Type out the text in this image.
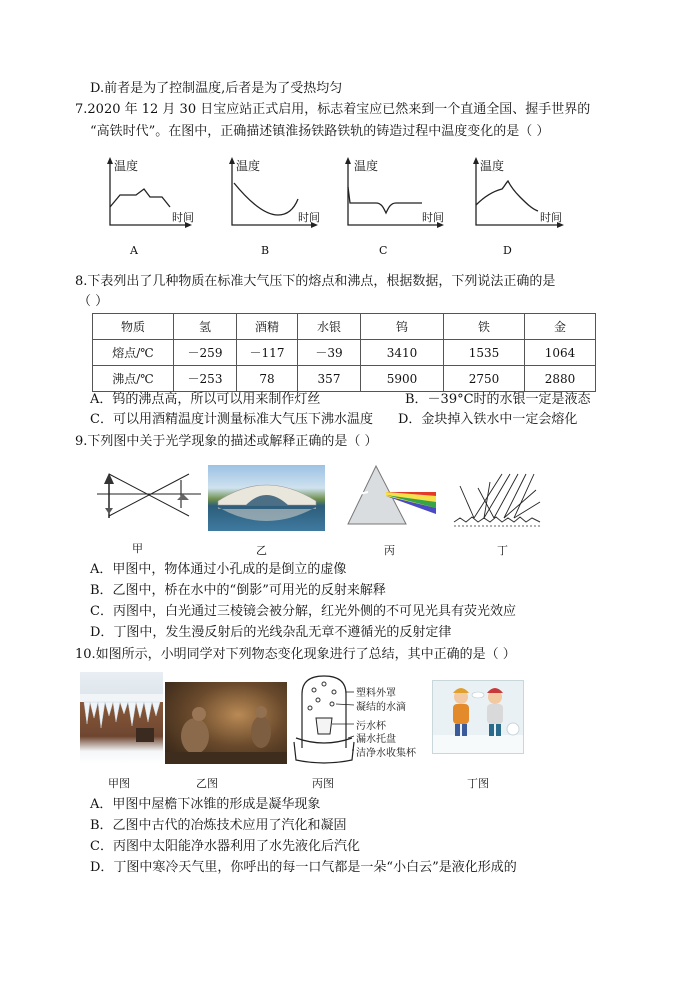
D.前者是为了控制温度,后者是为了受热均匀
7.2020 年 12 月 30 日宝应站正式启用，标志着宝应已然来到一个直通全国、握手世界的
“高铁时代”。在图中，正确描述镇淮扬铁路铁轨的铸造过程中温度变化的是（ ）
温度
时间
A
温度
时间
B
温度
时间
C
温度
时间
D
8.下表列出了几种物质在标准大气压下的熔点和沸点，根据数据，下列说法正确的是
（ ）
物质	氢	酒精	水银	钨	铁	金
熔点/℃	－259	－117	－39	3410	1535	1064
沸点/℃	－253	78	357	5900	2750	2880
A．钨的沸点高，所以可以用来制作灯丝	B．－39°C时的水银一定是液态
C．可以用酒精温度计测量标准大气压下沸水温度 D．金块掉入铁水中一定会熔化
9.下列图中关于光学现象的描述或解释正确的是（ ）
甲	乙	丙	丁
A．甲图中，物体通过小孔成的是倒立的虚像
B．乙图中，桥在水中的“倒影”可用光的反射来解释
C．丙图中，白光通过三棱镜会被分解，红光外侧的不可见光具有荧光效应
D．丁图中，发生漫反射后的光线杂乱无章不遵循光的反射定律
10.如图所示，小明同学对下列物态变化现象进行了总结，其中正确的是（ ）
甲图	乙图
塑料外罩
凝结的水滴
污水杯
漏水托盘
洁净水收集杯
丙图	丁图
A．甲图中屋檐下冰锥的形成是凝华现象
B．乙图中古代的冶炼技术应用了汽化和凝固
C．丙图中太阳能净水器利用了水先液化后汽化
D．丁图中寒冷天气里，你呼出的每一口气都是一朵“小白云”是液化形成的
